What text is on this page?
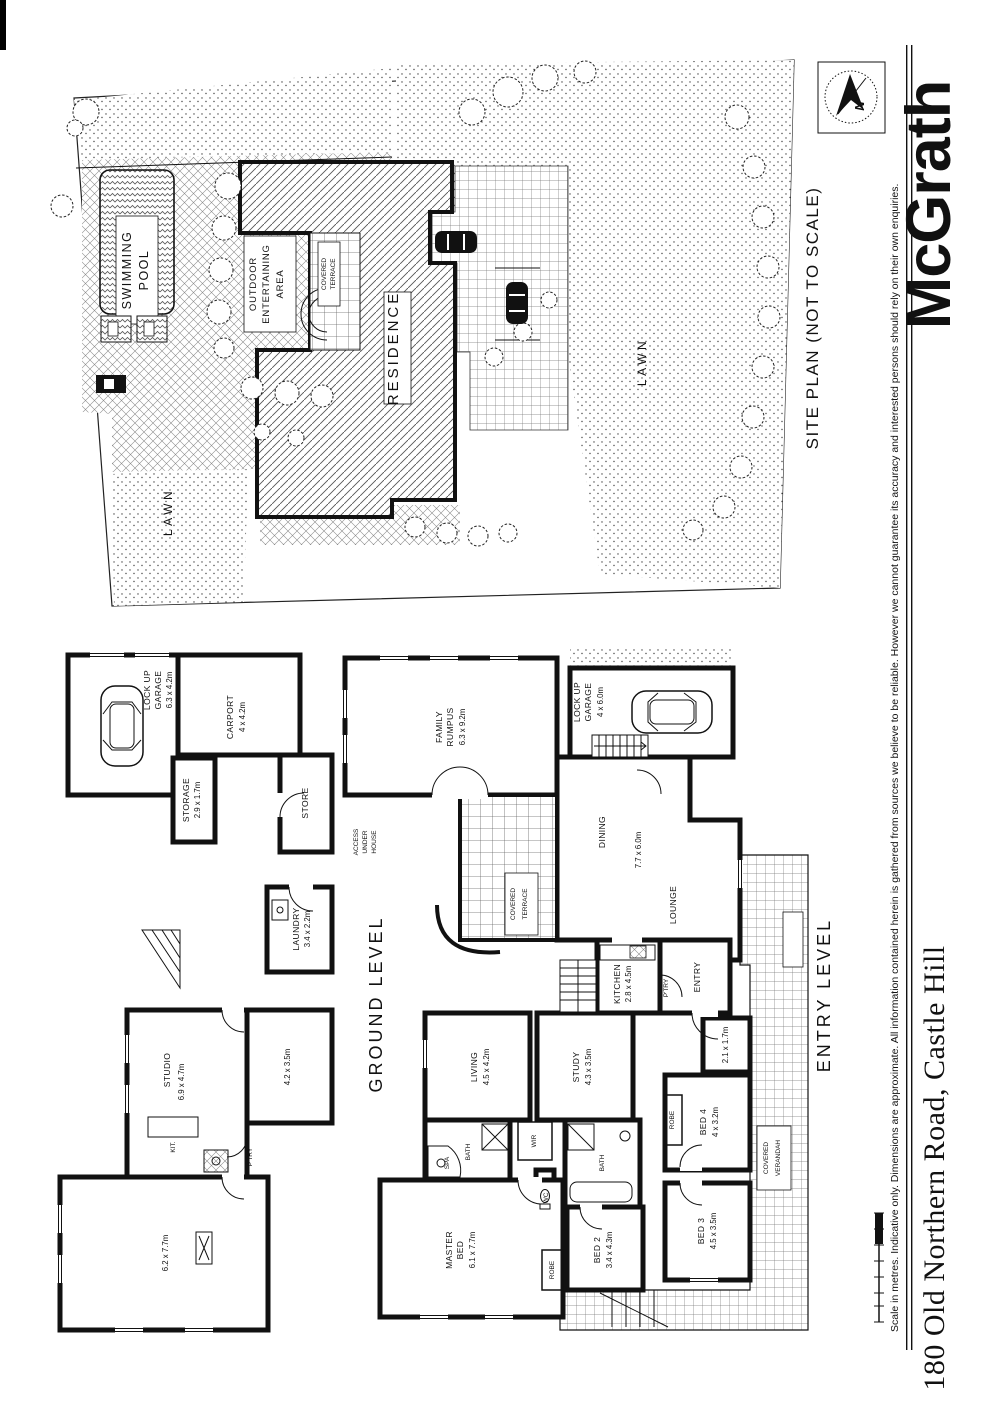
SWIMMING POOL	OUTDOOR ENTERTAINING AREA	COVERED TERRACE
RESIDENCE
LAWN
LAWN
LOCK UP GARAGE 6.3 x 4.2m
CARPORT 4 x 4.2m
STORAGE 2.9 x 1.7m	STORE
LAUNDRY 3.4 x 2.2m
STUDIO 6.9 x 4.7m
KIT.
P'TRY
4.2 x 3.5m
6.2 x 7.7m
GROUND LEVEL
FAMILY RUMPUS 6.3 x 9.2m
LOCK UP GARAGE 4 x 6.0m
ACCESS UNDER HOUSE
COVERED TERRACE
DINING	7.7 x 6.0m
LOUNGE
KITCHEN 2.8 x 4.5m	P'TRY	ENTRY
LIVING 4.5 x 4.2m	STUDY 4.3 x 3.5m
SPA
BATH
WIR
BATH
WC
MASTER BED 6.1 x 7.7m	BED 2 3.4 x 4.3m
ROBE
BED 4 4 x 3.2m
ROBE
BED 3 4.5 x 3.5m
2.1 x 1.7m
COVERED VERANDAH
ENTRY LEVEL
SITE PLAN (NOT TO SCALE)
N
Scale in metres. Indicative only. Dimensions are approximate. All information contained herein is gathered from sources we believe to be reliable. However we cannot guarantee its accuracy and interested persons should rely on their own enquiries.
McGrath
180 Old Northern Road, Castle Hill
